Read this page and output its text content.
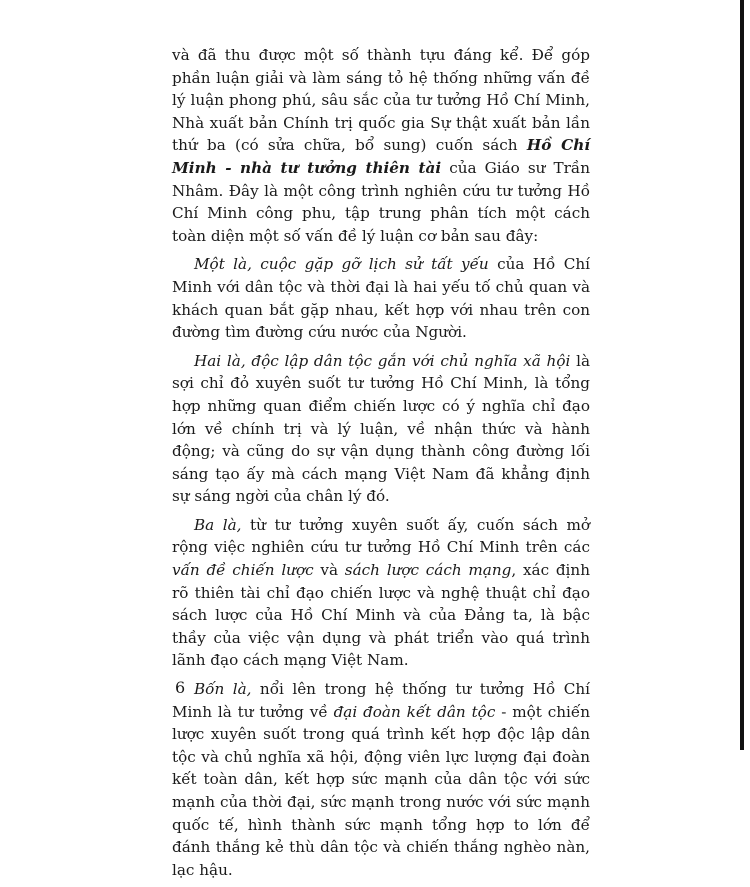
và đã thu được một số thành tựu đáng kể. Để góp phần luận giải và làm sáng tỏ hệ thống những vấn đề lý luận phong phú, sâu sắc của tư tưởng Hồ Chí Minh, Nhà xuất bản Chính trị quốc gia Sự thật xuất bản lần thứ ba (có sửa chữa, bổ sung) cuốn sách Hồ Chí Minh - nhà tư tưởng thiên tài của Giáo sư Trần Nhâm. Đây là một công trình nghiên cứu tư tưởng Hồ Chí Minh công phu, tập trung phân tích một cách toàn diện một số vấn đề lý luận cơ bản sau đây:

Một là, cuộc gặp gỡ lịch sử tất yếu của Hồ Chí Minh với dân tộc và thời đại là hai yếu tố chủ quan và khách quan bắt gặp nhau, kết hợp với nhau trên con đường tìm đường cứu nước của Người.

Hai là, độc lập dân tộc gắn với chủ nghĩa xã hội là sợi chỉ đỏ xuyên suốt tư tưởng Hồ Chí Minh, là tổng hợp những quan điểm chiến lược có ý nghĩa chỉ đạo lớn về chính trị và lý luận, về nhận thức và hành động; và cũng do sự vận dụng thành công đường lối sáng tạo ấy mà cách mạng Việt Nam đã khẳng định sự sáng ngời của chân lý đó.

Ba là, từ tư tưởng xuyên suốt ấy, cuốn sách mở rộng việc nghiên cứu tư tưởng Hồ Chí Minh trên các vấn đề chiến lược và sách lược cách mạng, xác định rõ thiên tài chỉ đạo chiến lược và nghệ thuật chỉ đạo sách lược của Hồ Chí Minh và của Đảng ta, là bậc thầy của việc vận dụng và phát triển vào quá trình lãnh đạo cách mạng Việt Nam.

Bốn là, nổi lên trong hệ thống tư tưởng Hồ Chí Minh là tư tưởng về đại đoàn kết dân tộc - một chiến lược xuyên suốt trong quá trình kết hợp độc lập dân tộc và chủ nghĩa xã hội, động viên lực lượng đại đoàn kết toàn dân, kết hợp sức mạnh của dân tộc với sức mạnh của thời đại, sức mạnh trong nước với sức mạnh quốc tế, hình thành sức mạnh tổng hợp to lớn để đánh thắng kẻ thù dân tộc và chiến thắng nghèo nàn, lạc hậu.

6
